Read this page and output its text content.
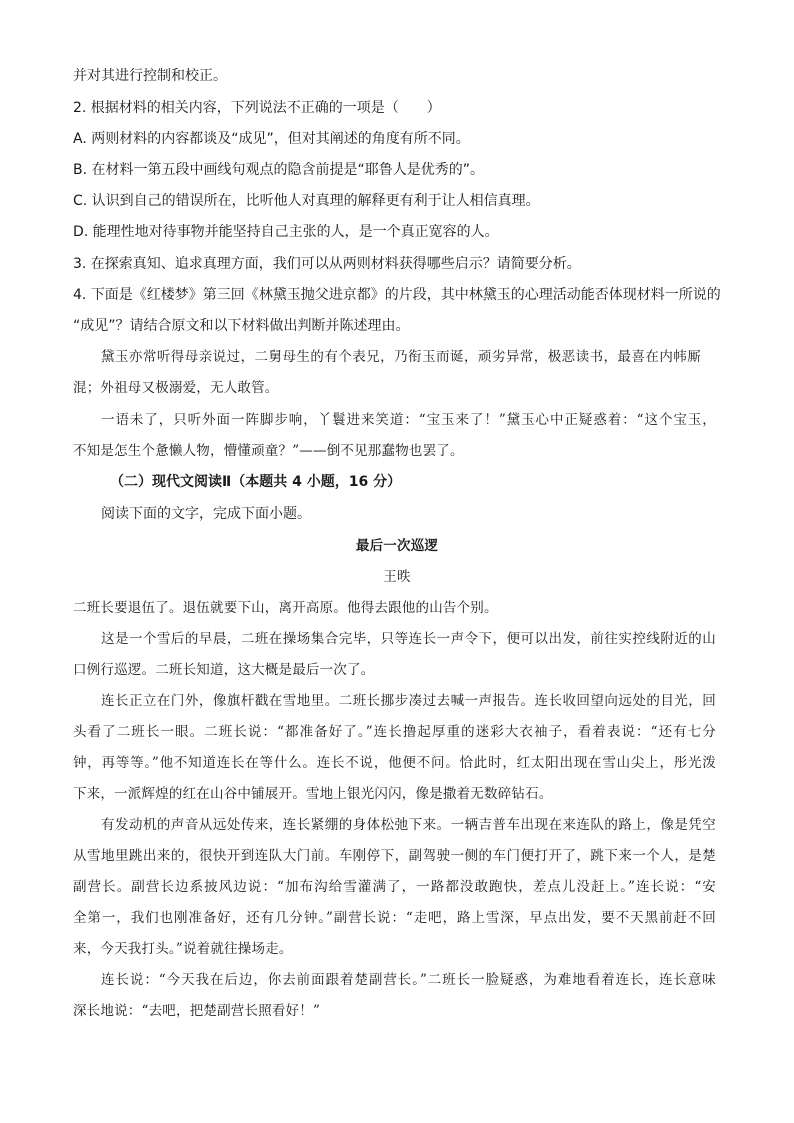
并对其进行控制和校正。
2. 根据材料的相关内容，下列说法不正确的一项是（　　）
A. 两则材料的内容都谈及“成见”，但对其阐述的角度有所不同。
B. 在材料一第五段中画线句观点的隐含前提是“耶鲁人是优秀的”。
C. 认识到自己的错误所在，比听他人对真理的解释更有利于让人相信真理。
D. 能理性地对待事物并能坚持自己主张的人，是一个真正宽容的人。
3. 在探索真知、追求真理方面，我们可以从两则材料获得哪些启示？请简要分析。
4. 下面是《红楼梦》第三回《林黛玉抛父进京都》的片段，其中林黛玉的心理活动能否体现材料一所说的
“成见”？请结合原文和以下材料做出判断并陈述理由。
黛玉亦常听得母亲说过，二舅母生的有个表兄，乃衔玉而诞，顽劣异常，极恶读书，最喜在内帏厮
混；外祖母又极溺爱，无人敢管。
一语未了，只听外面一阵脚步响，丫鬟进来笑道：“宝玉来了！”黛玉心中正疑惑着：“这个宝玉，
不知是怎生个惫懒人物，懵懂顽童？”——倒不见那蠢物也罢了。
（二）现代文阅读Ⅱ（本题共 4 小题，16 分）
阅读下面的文字，完成下面小题。
最后一次巡逻
王昳
二班长要退伍了。退伍就要下山，离开高原。他得去跟他的山告个别。
这是一个雪后的早晨，二班在操场集合完毕，只等连长一声令下，便可以出发，前往实控线附近的山
口例行巡逻。二班长知道，这大概是最后一次了。
连长正立在门外，像旗杆戳在雪地里。二班长挪步凑过去喊一声报告。连长收回望向远处的目光，回
头看了二班长一眼。二班长说：“都准备好了。”连长撸起厚重的迷彩大衣袖子，看着表说：“还有七分
钟，再等等。”他不知道连长在等什么。连长不说，他便不问。恰此时，红太阳出现在雪山尖上，彤光泼
下来，一派辉煌的红在山谷中铺展开。雪地上银光闪闪，像是撒着无数碎钻石。
有发动机的声音从远处传来，连长紧绷的身体松弛下来。一辆吉普车出现在来连队的路上，像是凭空
从雪地里跳出来的，很快开到连队大门前。车刚停下，副驾驶一侧的车门便打开了，跳下来一个人，是楚
副营长。副营长边系披风边说：“加布沟给雪灌满了，一路都没敢跑快，差点儿没赶上。”连长说：“安
全第一，我们也刚准备好，还有几分钟。”副营长说：“走吧，路上雪深，早点出发，要不天黑前赶不回
来，今天我打头。”说着就往操场走。
连长说：“今天我在后边，你去前面跟着楚副营长。”二班长一脸疑惑，为难地看着连长，连长意味
深长地说：“去吧，把楚副营长照看好！”
